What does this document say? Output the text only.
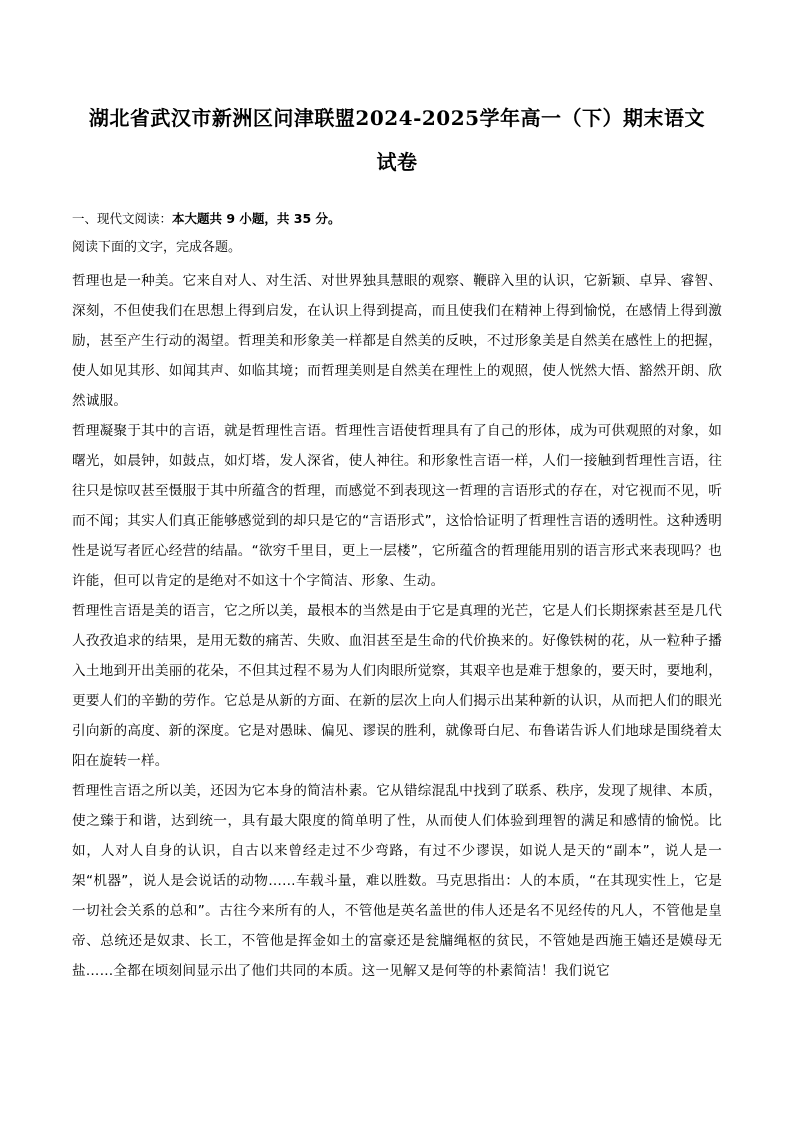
湖北省武汉市新洲区问津联盟2024-2025学年高一（下）期末语文试卷
一、现代文阅读：本大题共 9 小题，共 35 分。
阅读下面的文字，完成各题。

哲理也是一种美。它来自对人、对生活、对世界独具慧眼的观察、鞭辟入里的认识，它新颖、卓异、睿智、深刻，不但使我们在思想上得到启发，在认识上得到提高，而且使我们在精神上得到愉悦，在感情上得到激励，甚至产生行动的渴望。哲理美和形象美一样都是自然美的反映，不过形象美是自然美在感性上的把握，使人如见其形、如闻其声、如临其境；而哲理美则是自然美在理性上的观照，使人恍然大悟、豁然开朗、欣然诚服。

哲理凝聚于其中的言语，就是哲理性言语。哲理性言语使哲理具有了自己的形体，成为可供观照的对象，如曙光，如晨钟，如鼓点，如灯塔，发人深省，使人神往。和形象性言语一样，人们一接触到哲理性言语，往往只是惊叹甚至慑服于其中所蕴含的哲理，而感觉不到表现这一哲理的言语形式的存在，对它视而不见，听而不闻；其实人们真正能够感觉到的却只是它的“言语形式”，这恰恰证明了哲理性言语的透明性。这种透明性是说写者匠心经营的结晶。“欲穷千里目，更上一层楼”，它所蕴含的哲理能用别的语言形式来表现吗？也许能，但可以肯定的是绝对不如这十个字简洁、形象、生动。

哲理性言语是美的语言，它之所以美，最根本的当然是由于它是真理的光芒，它是人们长期探索甚至是几代人孜孜追求的结果，是用无数的痛苦、失败、血泪甚至是生命的代价换来的。好像铁树的花，从一粒种子播入土地到开出美丽的花朵，不但其过程不易为人们肉眼所觉察，其艰辛也是难于想象的，要天时，要地利，更要人们的辛勤的劳作。它总是从新的方面、在新的层次上向人们揭示出某种新的认识，从而把人们的眼光引向新的高度、新的深度。它是对愚昧、偏见、谬误的胜利，就像哥白尼、布鲁诺告诉人们地球是围绕着太阳在旋转一样。

哲理性言语之所以美，还因为它本身的简洁朴素。它从错综混乱中找到了联系、秩序，发现了规律、本质，使之臻于和谐，达到统一，具有最大限度的简单明了性，从而使人们体验到理智的满足和感情的愉悦。比如，人对人自身的认识，自古以来曾经走过不少弯路，有过不少谬误，如说人是天的“副本”，说人是一架“机器”，说人是会说话的动物……车载斗量，难以胜数。马克思指出：人的本质，“在其现实性上，它是一切社会关系的总和”。古往今来所有的人，不管他是英名盖世的伟人还是名不见经传的凡人，不管他是皇帝、总统还是奴隶、长工，不管他是挥金如土的富豪还是瓮牖绳枢的贫民，不管她是西施王嫱还是嫫母无盐……全都在顷刻间显示出了他们共同的本质。这一见解又是何等的朴素简洁！我们说它
